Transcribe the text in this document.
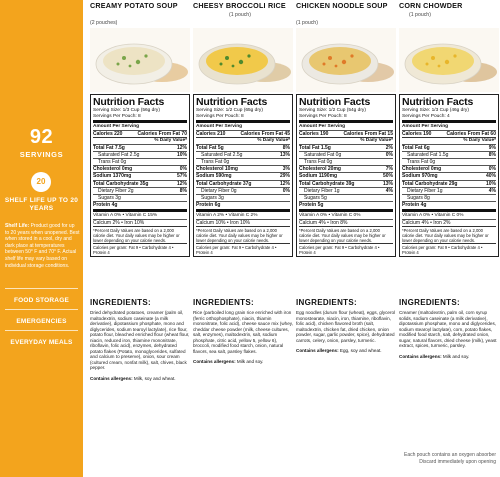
92
SERVINGS
20
SHELF LIFE UP TO 20 YEARS
Shelf Life: Product good for up to 20 years when unopened. Best when stored in a cool, dry and dark place at temperatures between 50° F and 70° F. Actual shelf life may vary based on individual storage conditions.
FOOD STORAGE
EMERGENCIES
EVERYDAY MEALS
CREAMY POTATO SOUP
(2 pouches)
Nutrition Facts
Serving Size: 1/3 Cup (56g dry)
Servings Per Pouch: 8
Amount Per Serving
Calories 220	Calories From Fat 70
% Daily Value*
Total Fat 7.5g	12%
Saturated Fat 2.5g	10%
Trans Fat 0g
Cholesterol 0mg	0%
Sodium 1370mg	57%
Total Carbohydrate 35g	12%
Dietary Fiber 2g	8%
Sugars 3g
Protein 4g
Vitamin A 0% • Vitamin C 15%
Calcium 2% • Iron 10%
*Percent Daily Values are based on a 2,000 calorie diet. Your daily values may be higher or lower depending on your calorie needs.
Calories per gram: Fat 9 • Carbohydrate 4 • Protein 4
INGREDIENTS:
Dried dehydrated potatoes, creamer (palm oil, maltodextrin, sodium caseinate (a milk derivative), dipotassium phosphate, mono and diglycerides, sodium tearoyl lactylate), rice flour, potato flour, bleached enriched flour (wheat flour, niacin, reduced iron, thiamine mononitrate, riboflavin, folic acid), enzymes, dehydrated potato flakes (Potato, monoglycerides, sulfated and calcium to preserve), onion, sour cream (cultured cream, nonfat milk), salt, chives, black pepper.
Contains allergens: Milk, soy and wheat.
CHEESY BROCCOLI RICE
(1 pouch)
Nutrition Facts
Serving Size: 1/2 Cup (65g dry)
Servings Per Pouch: 8
Amount Per Serving
Calories 210	Calories From Fat 45
% Daily Value*
Total Fat 5g	8%
Saturated Fat 2.5g	13%
Trans Fat 0g
Cholesterol 10mg	3%
Sodium 590mg	29%
Total Carbohydrate 37g	12%
Dietary Fiber 0g	0%
Sugars 3g
Protein 6g
Vitamin A 2% • Vitamin C 2%
Calcium 10% • Iron 10%
*Percent Daily Values are based on a 2,000 calorie diet. Your daily values may be higher or lower depending on your calorie needs.
Calories per gram: Fat 9 • Carbohydrate 4 • Protein 4
INGREDIENTS:
Rice (parboiled long grain rice enriched with iron (ferric orthophosphate), niacin, thiamin mononitrate, folic acid), cheese sauce mix (whey, cheddar cheese powder (milk, cheese cultures, salt, enzymes), maltodextrin, salt, sodium phosphate, citric acid, yellow 5, yellow 6), broccoli, modified food starch, onion, natural flavors, sea salt, parsley flakes.
Contains allergens: Milk and soy.
CHICKEN NOODLE SOUP
(1 pouch)
Nutrition Facts
Serving Size: 1/2 Cup (54g dry)
Servings Per Pouch: 8
Amount Per Serving
Calories 190	Calories From Fat 15
% Daily Value*
Total Fat 1.5g	2%
Saturated Fat 0g	0%
Trans Fat 0g
Cholesterol 20mg	7%
Sodium 1190mg	50%
Total Carbohydrate 39g	13%
Dietary Fiber 1g	4%
Sugars 5g
Protein 5g
Vitamin A 0% • Vitamin C 0%
Calcium 4% • Iron 8%
*Percent Daily Values are based on a 2,000 calorie diet. Your daily values may be higher or lower depending on your calorie needs.
Calories per gram: Fat 9 • Carbohydrate 4 • Protein 4
INGREDIENTS:
Egg noodles (durum flour (wheat), eggs, glycerol monostearate, niacin, iron, thiamine, riboflavin, folic acid), chicken flavored broth (salt, maltodextrin, chicken fat, dried chicken, onion powder, sugar, garlic powder, spice), dehydrated carrots, celery, onion, parsley, turmeric.
Contains allergens: Egg, soy and wheat.
CORN CHOWDER
(1 pouch)
Nutrition Facts
Serving Size: 1/3 Cup (46g dry)
Servings Per Pouch: 4
Amount Per Serving
Calories 190	Calories From Fat 60
% Daily Value*
Total Fat 6g	9%
Saturated Fat 1.5g	8%
Trans Fat 0g
Cholesterol 0mg	0%
Sodium 970mg	40%
Total Carbohydrate 29g	10%
Dietary Fiber 1g	4%
Sugars 8g
Protein 4g
Vitamin A 0% • Vitamin C 0%
Calcium 4% • Iron 2%
*Percent Daily Values are based on a 2,000 calorie diet. Your daily values may be higher or lower depending on your calorie needs.
Calories per gram: Fat 9 • Carbohydrate 4 • Protein 4
INGREDIENTS:
Creamer (maltodextrin, palm oil, corn syrup solids, sodium caseinate (a milk derivative), dipotassium phosphate, mono and diglycerides, sodium stearoyl lactylate), corn, potato flakes, modified food starch, salt, dehydrated onion, sugar, natural flavors, dried cheese (milk), yeast extract, spices, turmeric, parsley.
Contains allergens: Milk and soy.
Each pouch contains an oxygen absorber
Discard immediately upon opening
